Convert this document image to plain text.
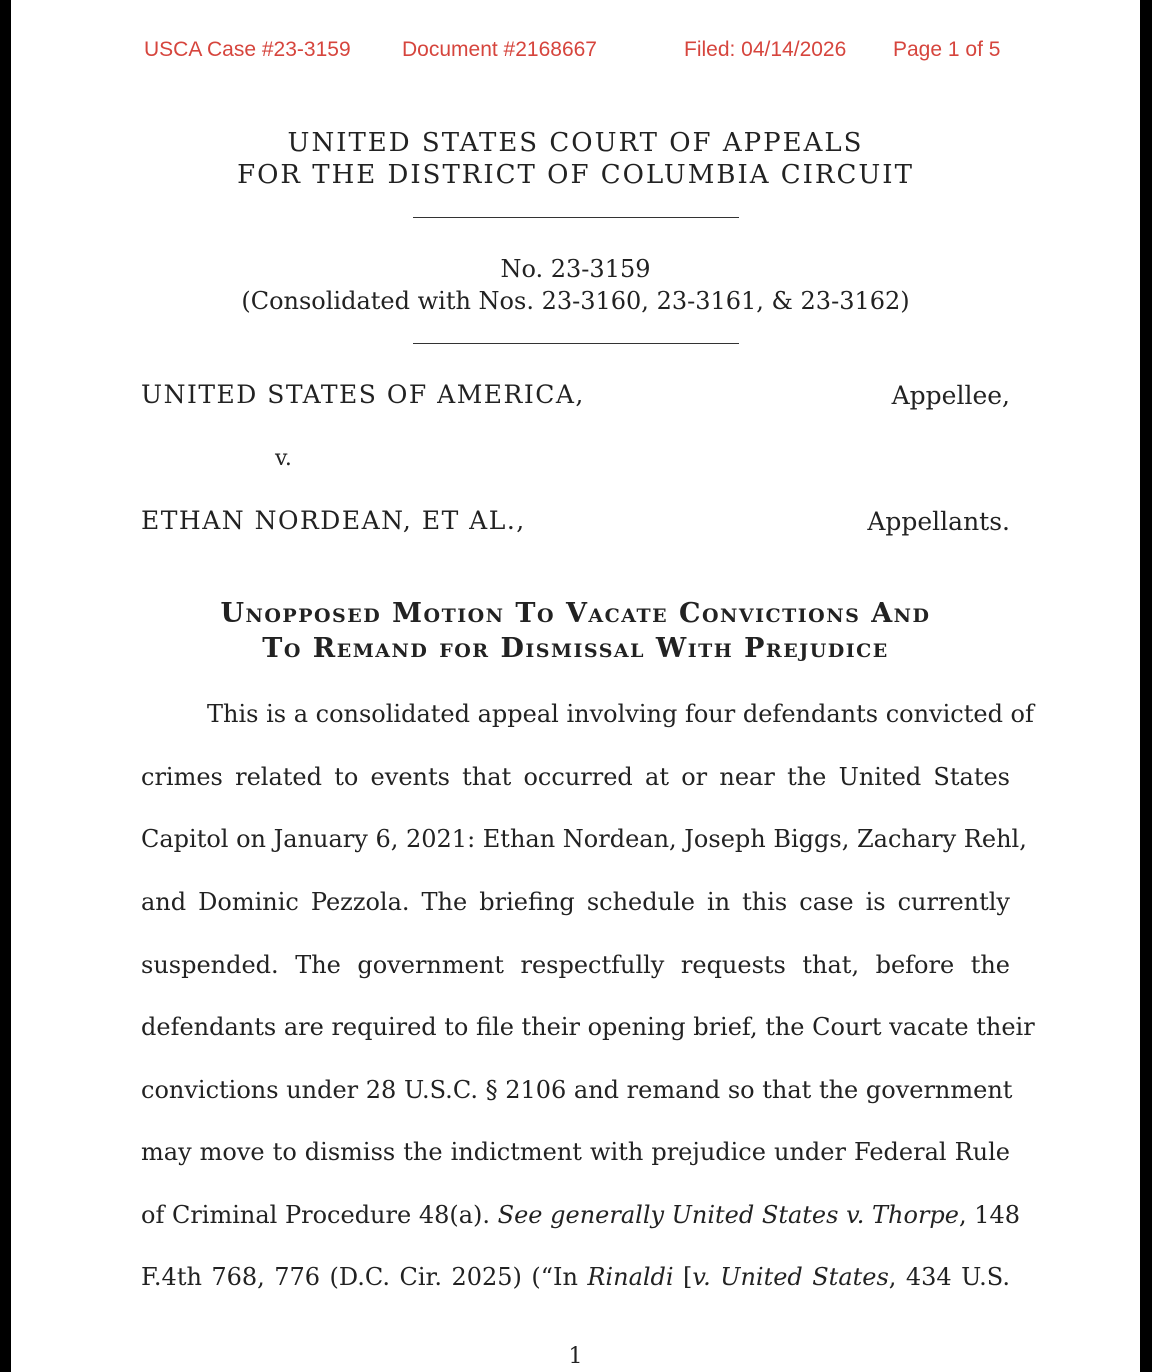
USCA Case #23-3159 Document #2168667	Filed: 04/14/2026 Page 1 of 5
UNITED STATES COURT OF APPEALS
FOR THE DISTRICT OF COLUMBIA CIRCUIT
No. 23-3159
(Consolidated with Nos. 23-3160, 23-3161, & 23-3162)
UNITED STATES OF AMERICA,	Appellee,
v.
ETHAN NORDEAN, ET AL.,	Appellants.
Unopposed Motion To Vacate Convictions And
To Remand for Dismissal With Prejudice
This is a consolidated appeal involving four defendants convicted of
crimes related to events that occurred at or near the United States
Capitol on January 6, 2021: Ethan Nordean, Joseph Biggs, Zachary Rehl,
and Dominic Pezzola. The briefing schedule in this case is currently
suspended. The government respectfully requests that, before the
defendants are required to file their opening brief, the Court vacate their
convictions under 28 U.S.C. § 2106 and remand so that the government
may move to dismiss the indictment with prejudice under Federal Rule
of Criminal Procedure 48(a). See generally United States v. Thorpe, 148
F.4th 768, 776 (D.C. Cir. 2025) (“In Rinaldi [v. United States, 434 U.S.
1
